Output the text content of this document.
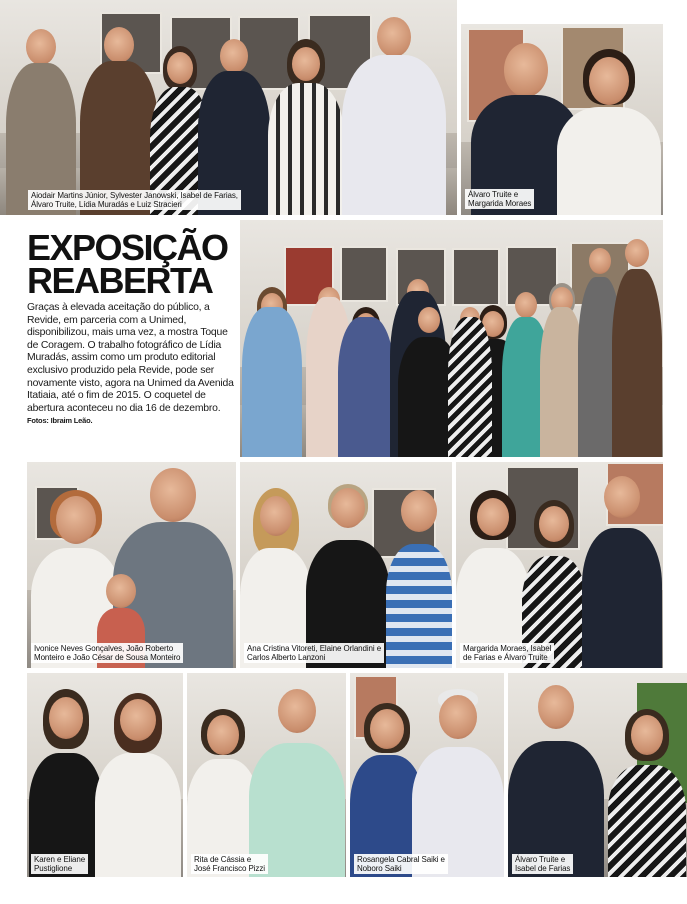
Aiodair Martins Júnior, Sylvester Janowski, Isabel de Farias,
Álvaro Truite, Lídia Muradás e Luiz Stracieri
Álvaro Truite e
Margarida Moraes
EXPOSIÇÃO
REABERTA

Graças à elevada aceitação do público, a Revide, em parceria com a Unimed, disponibilizou, mais uma vez, a mostra Toque de Coragem. O trabalho fotográfico de Lídia Muradás, assim como um produto editorial exclusivo produzido pela Revide, pode ser novamente visto, agora na Unimed da Avenida Itatiaia, até o fim de 2015. O coquetel de abertura aconteceu no dia 16 de dezembro. Fotos: Ibraim Leão.

Ivonice Neves Gonçalves, João Roberto
Monteiro e João César de Sousa Monteiro
Ana Cristina Vitoreti, Elaine Orlandini e
Carlos Alberto Lanzoni
Margarida Moraes, Isabel
de Farias e Álvaro Truite
Karen e Eliane
Pustiglione
Rita de Cássia e
José Francisco Pizzi
Rosangela Cabral Saiki e
Noboro Saiki
Álvaro Truite e
Isabel de Farias
